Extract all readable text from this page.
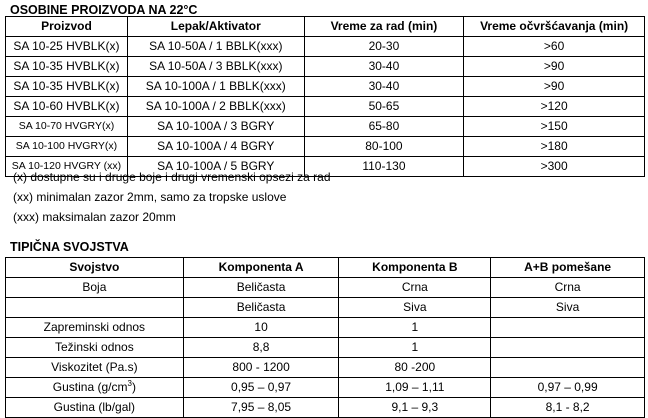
OSOBINE PROIZVODA NA 22°C
Proizvod	Lepak/Aktivator	Vreme za rad (min)	Vreme očvršćavanja (min)
SA 10-25 HVBLK(x)	SA 10-50A / 1 BBLK(xxx)	20-30	>60
SA 10-35 HVBLK(x)	SA 10-50A / 3 BBLK(xxx)	30-40	>90
SA 10-35 HVBLK(x)	SA 10-100A / 1 BBLK(xxx)	30-40	>90
SA 10-60 HVBLK(x)	SA 10-100A / 2 BBLK(xxx)	50-65	>120
SA 10-70 HVGRY(x)	SA 10-100A / 3 BGRY	65-80	>150
SA 10-100 HVGRY(x)	SA 10-100A / 4 BGRY	80-100	>180
SA 10-120 HVGRY (xx)	SA 10-100A / 5 BGRY	110-130	>300
(x) dostupne su i druge boje i drugi vremenski opsezi za rad
(xx) minimalan zazor 2mm, samo za tropske uslove
(xxx) maksimalan zazor 20mm
TIPIČNA SVOJSTVA
Svojstvo	Komponenta A	Komponenta B	A+B pomešane
Boja	Beličasta	Crna	Crna
	Beličasta	Siva	Siva
Zapreminski odnos	10	1	
Težinski odnos	8,8	1	
Viskozitet (Pa.s)	800 - 1200	80 -200	
Gustina $(g/cm^3)$	0,95 – 0,97	1,09 – 1,11	0,97 – 0,99
Gustina (lb/gal)	7,95 – 8,05	9,1 – 9,3	8,1 - 8,2
